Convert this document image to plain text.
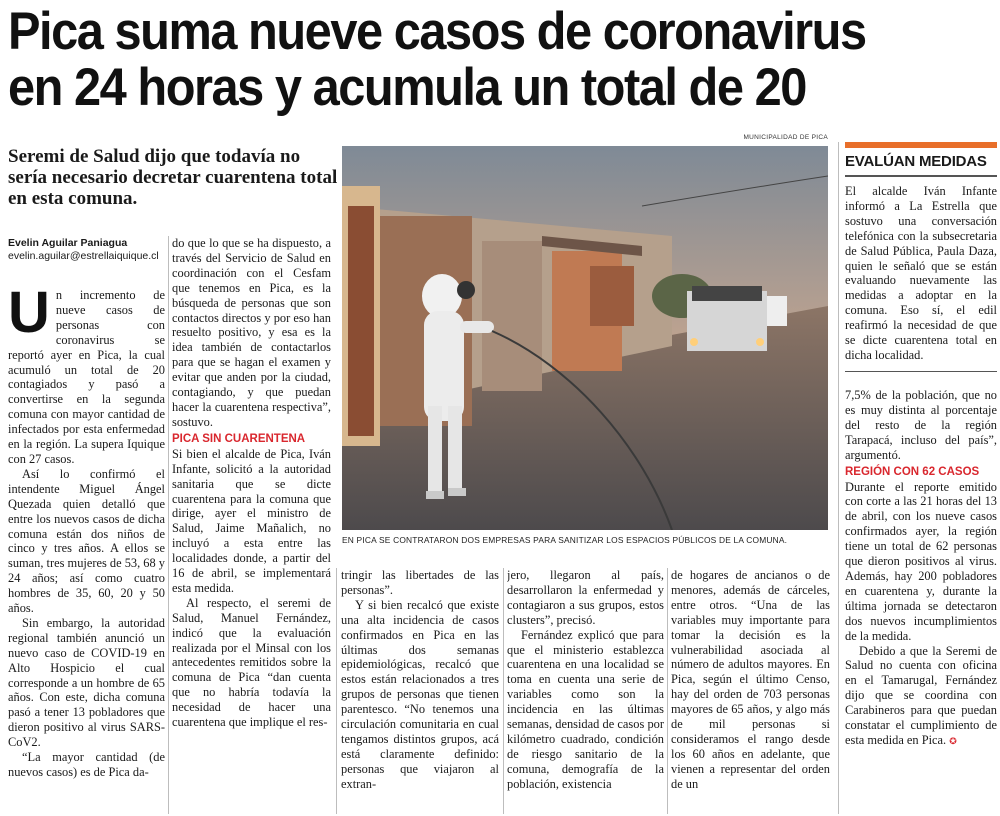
Pica suma nueve casos de coronavirus
en 24 horas y acumula un total de 20
Seremi de Salud dijo que todavía no sería necesario decretar cuarentena total en esta comuna.
Evelin Aguilar Paniagua
evelin.aguilar@estrellaiquique.cl

Un incremento de nueve casos de personas con coronavirus se reportó ayer en Pica, la cual acumuló un total de 20 contagiados y pasó a convertirse en la segunda comuna con mayor cantidad de infectados por esta enfermedad en la región. La supera Iquique con 27 casos.

Así lo confirmó el intendente Miguel Ángel Quezada quien detalló que entre los nuevos casos de dicha comuna están dos niños de cinco y tres años. A ellos se suman, tres mujeres de 53, 68 y 24 años; así como cuatro hombres de 35, 60, 20 y 50 años.

Sin embargo, la autoridad regional también anunció un nuevo caso de COVID-19 en Alto Hospicio el cual corresponde a un hombre de 65 años. Con este, dicha comuna pasó a tener 13 pobladores que dieron positivo al virus SARS-CoV2.

“La mayor cantidad (de nuevos casos) es de Pica da-

do que lo que se ha dispuesto, a través del Servicio de Salud en coordinación con el Cesfam que tenemos en Pica, es la búsqueda de personas que son contactos directos y por eso han resuelto positivo, y esa es la idea también de contactarlos para que se hagan el examen y evitar que anden por la ciudad, contagiando, y que puedan hacer la cuarentena respectiva”, sostuvo.

PICA SIN CUARENTENA

Si bien el alcalde de Pica, Iván Infante, solicitó a la autoridad sanitaria que se dicte cuarentena para la comuna que dirige, ayer el ministro de Salud, Jaime Mañalich, no incluyó a esta entre las localidades donde, a partir del 16 de abril, se implementará esta medida.

Al respecto, el seremi de Salud, Manuel Fernández, indicó que la evaluación realizada por el Minsal con los antecedentes remitidos sobre la comuna de Pica “dan cuenta que no habría todavía la necesidad de hacer una cuarentena que implique el res-

MUNICIPALIDAD DE PICA
EN PICA SE CONTRATARON DOS EMPRESAS PARA SANITIZAR LOS ESPACIOS PÚBLICOS DE LA COMUNA.

tringir las libertades de las personas”.

Y si bien recalcó que existe una alta incidencia de casos confirmados en Pica en las últimas dos semanas epidemiológicas, recalcó que estos están relacionados a tres grupos de personas que tienen parentesco. “No tenemos una circulación comunitaria en cual tengamos distintos grupos, acá está claramente definido: personas que viajaron al extran-

jero, llegaron al país, desarrollaron la enfermedad y contagiaron a sus grupos, estos clusters”, precisó.

Fernández explicó que para que el ministerio establezca cuarentena en una localidad se toma en cuenta una serie de variables como son la incidencia en las últimas semanas, densidad de casos por kilómetro cuadrado, condición de riesgo sanitario de la comuna, demografía de la población, existencia

de hogares de ancianos o de menores, además de cárceles, entre otros. “Una de las variables muy importante para tomar la decisión es la vulnerabilidad asociada al número de adultos mayores. En Pica, según el último Censo, hay del orden de 703 personas mayores de 65 años, y algo más de mil personas si consideramos el rango desde los 60 años en adelante, que vienen a representar del orden de un

EVALÚAN MEDIDAS
El alcalde Iván Infante informó a La Estrella que sostuvo una conversación telefónica con la subsecretaria de Salud Pública, Paula Daza, quien le señaló que se están evaluando nuevamente las medidas a adoptar en la comuna. Eso sí, el edil reafirmó la necesidad de que se dicte cuarentena total en dicha localidad.

7,5% de la población, que no es muy distinta al porcentaje del resto de la región Tarapacá, incluso del país”, argumentó.

REGIÓN CON 62 CASOS

Durante el reporte emitido con corte a las 21 horas del 13 de abril, con los nueve casos confirmados ayer, la región tiene un total de 62 personas que dieron positivos al virus. Además, hay 200 pobladores en cuarentena y, durante la última jornada se detectaron dos nuevos incumplimientos de la medida.

Debido a que la Seremi de Salud no cuenta con oficina en el Tamarugal, Fernández dijo que se coordina con Carabineros para que puedan constatar el cumplimiento de esta medida en Pica. ✪
